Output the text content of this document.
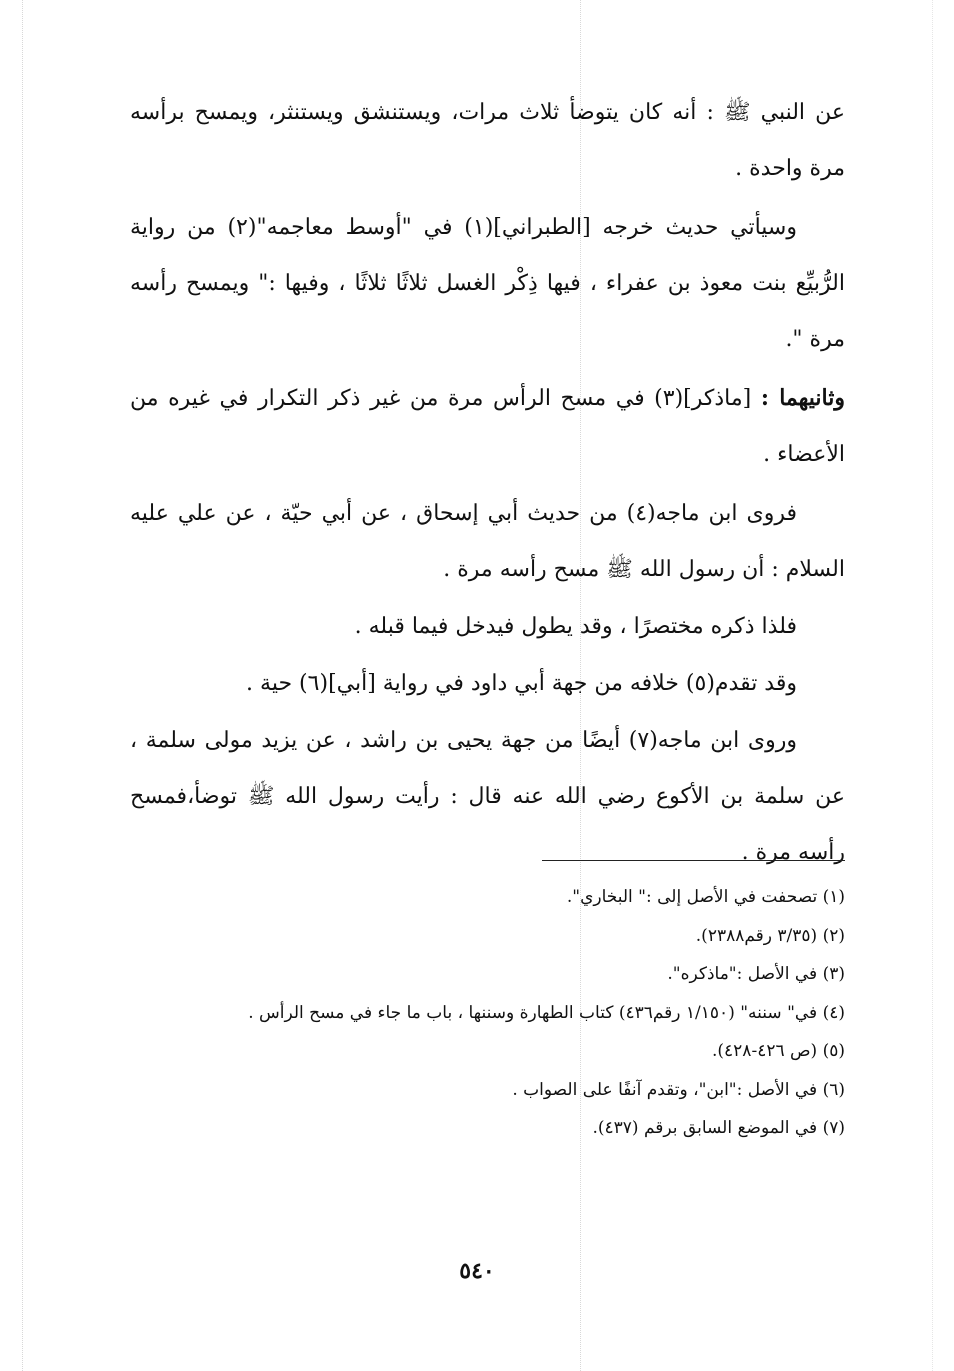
عن النبي ﷺ : أنه كان يتوضأ ثلاث مرات، ويستنشق ويستنثر، ويمسح برأسه مرة واحدة .

وسيأتي حديث خرجه [الطبراني](١) في "أوسط معاجمه"(٢) من رواية الرُّبيِّع بنت معوذ بن عفراء ، فيها ذِكْر الغسل ثلاثًا ثلاثًا ، وفيها :" ويمسح رأسه مرة ".

وثانيهما : [ماذكر](٣) في مسح الرأس مرة من غير ذكر التكرار في غيره من الأعضاء .

فروى ابن ماجه(٤) من حديث أبي إسحاق ، عن أبي حيّة ، عن علي عليه السلام : أن رسول الله ﷺ مسح رأسه مرة .

فلذا ذكره مختصرًا ، وقد يطول فيدخل فيما قبله .

وقد تقدم(٥) خلافه من جهة أبي داود في رواية [أبي](٦) حية .

وروى ابن ماجه(٧) أيضًا من جهة يحيى بن راشد ، عن يزيد مولى سلمة ، عن سلمة بن الأكوع رضي الله عنه قال : رأيت رسول الله ﷺ توضأ،فمسح رأسه مرة .

(١) تصحفت في الأصل إلى :" البخاري".

(٢) (٣/٣٥ رقم٢٣٨٨).

(٣) في الأصل :"ماذكره".

(٤) في" سننه" (١/١٥٠ رقم٤٣٦) كتاب الطهارة وسننها ، باب ما جاء في مسح الرأس .

(٥) (ص ٤٢٦-٤٢٨).

(٦) في الأصل :"ابن"، وتقدم آنفًا على الصواب .

(٧) في الموضع السابق برقم (٤٣٧).

٥٤٠
